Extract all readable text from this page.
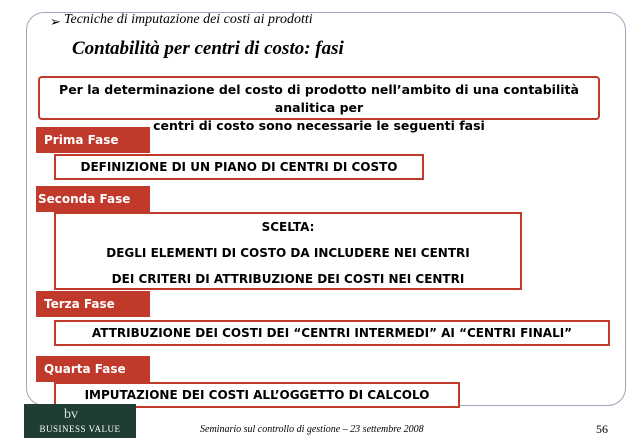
➢ Tecniche di imputazione dei costi ai prodotti
Contabilità per centri di costo: fasi
Per la determinazione del costo di prodotto nell’ambito di una contabilità analitica per
centri di costo sono necessarie le seguenti fasi
Prima Fase
DEFINIZIONE DI UN PIANO DI CENTRI DI COSTO
Seconda Fase
SCELTA:
DEGLI ELEMENTI DI COSTO DA INCLUDERE NEI CENTRI
DEI CRITERI DI ATTRIBUZIONE DEI COSTI NEI CENTRI
Terza Fase
ATTRIBUZIONE DEI COSTI DEI “CENTRI INTERMEDI” AI “CENTRI FINALI”
Quarta Fase
IMPUTAZIONE DEI COSTI ALL’OGGETTO DI CALCOLO
bv
BUSINESS VALUE	Seminario sul controllo di gestione – 23 settembre 2008	56
